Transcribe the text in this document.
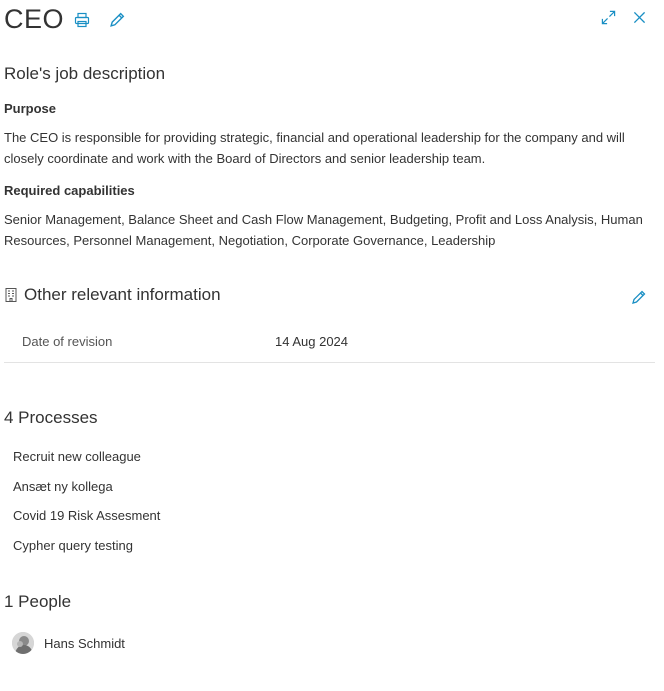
CEO
Role's job description
Purpose
The CEO is responsible for providing strategic, financial and operational leadership for the company and will closely coordinate and work with the Board of Directors and senior leadership team.
Required capabilities
Senior Management, Balance Sheet and Cash Flow Management, Budgeting, Profit and Loss Analysis, Human Resources, Personnel Management, Negotiation, Corporate Governance, Leadership
Other relevant information
Date of revision	14 Aug 2024
4 Processes
Recruit new colleague
Ansæt ny kollega
Covid 19 Risk Assesment
Cypher query testing
1 People
Hans Schmidt
